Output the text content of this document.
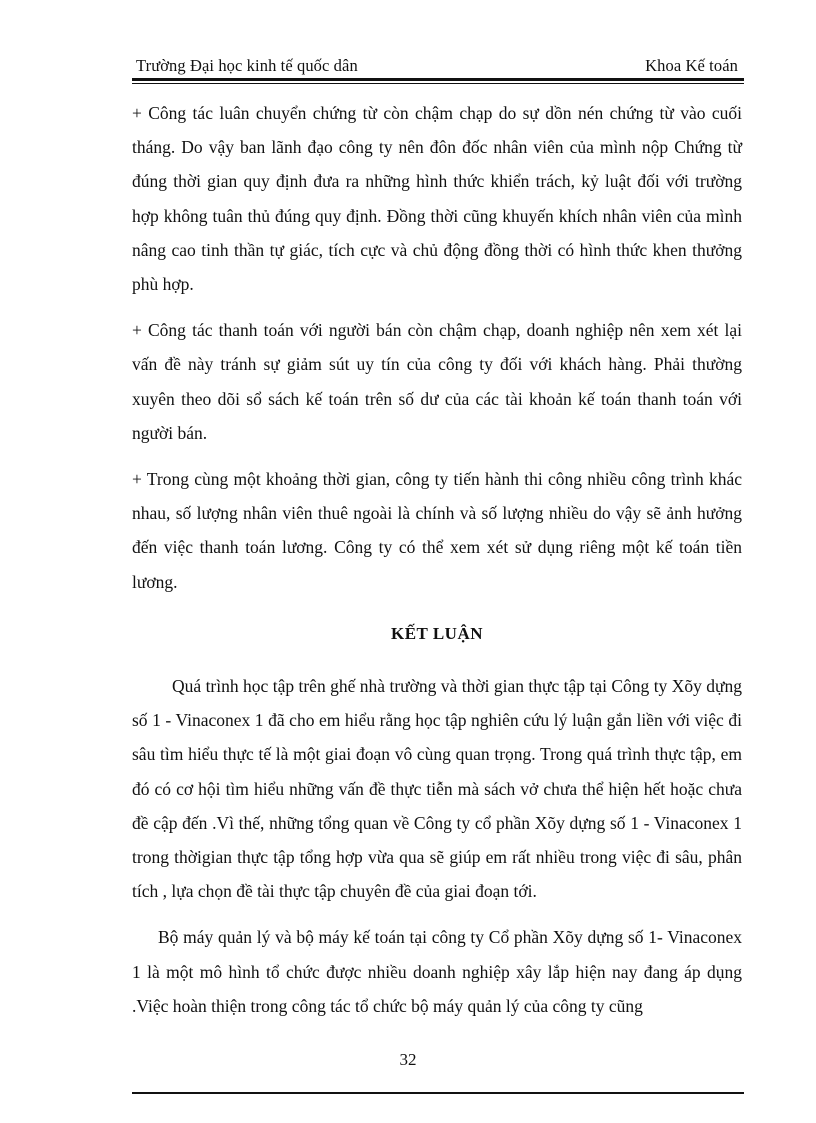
Trường Đại học kinh tế quốc dân	Khoa Kế toán

+ Công tác luân chuyển chứng từ còn chậm chạp do sự dồn nén chứng từ vào cuối tháng. Do vậy ban lãnh đạo công ty nên đôn đốc nhân viên của mình nộp Chứng từ đúng thời gian quy định đưa ra những hình thức khiển trách, kỷ luật đối với trường hợp không tuân thủ đúng quy định. Đồng thời cũng khuyến khích nhân viên của mình nâng cao tinh thần tự giác, tích cực và chủ động đồng thời có hình thức khen thưởng phù hợp.

+ Công tác thanh toán với người bán còn chậm chạp, doanh nghiệp nên xem xét lại vấn đề này tránh sự giảm sút uy tín của công ty đối với khách hàng. Phải thường xuyên theo dõi sổ sách kế toán trên số dư của các tài khoản kế toán thanh toán với người bán.

+ Trong cùng một khoảng thời gian, công ty tiến hành thi công nhiều công trình khác nhau, số lượng nhân viên thuê ngoài là chính và số lượng nhiều do vậy sẽ ảnh hưởng đến việc thanh toán lương. Công ty có thể xem xét sử dụng riêng một kế toán tiền lương.

KẾT LUẬN

Quá trình học tập trên ghế nhà trường và thời gian thực tập tại Công ty Xõy dựng số 1 - Vinaconex 1 đã cho em hiểu rằng học tập nghiên cứu lý luận gắn liền với việc đi sâu tìm hiểu thực tế là một giai đoạn vô cùng quan trọng. Trong quá trình thực tập, em đó có cơ hội tìm hiểu những vấn đề thực tiễn mà sách vở chưa thể hiện hết hoặc chưa đề cập đến .Vì thế, những tổng quan về Công ty cổ phần Xõy dựng số 1 - Vinaconex 1 trong thờigian thực tập tổng hợp vừa qua sẽ giúp em rất nhiều trong việc đi sâu, phân tích , lựa chọn đề tài thực tập chuyên đề của giai đoạn tới.

Bộ máy quản lý và bộ máy kế toán tại công ty Cổ phần Xõy dựng số 1- Vinaconex 1 là một mô hình tổ chức được nhiều doanh nghiệp xây lắp hiện nay đang áp dụng .Việc hoàn thiện trong công tác tổ chức bộ máy quản lý của công ty cũng

32
